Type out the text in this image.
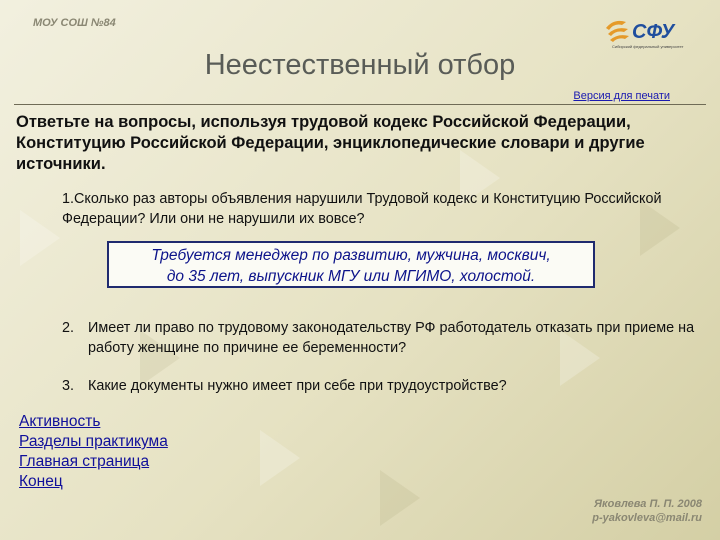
МОУ СОШ №84	СФУ
Сибирский федеральный университет
Неестественный отбор
Версия для печати
Ответьте на вопросы, используя трудовой кодекс Российской Федерации, Конституцию Российской Федерации, энциклопедические словари и другие источники.
1.Сколько раз авторы объявления нарушили Трудовой кодекс и Конституцию Российской Федерации? Или они не нарушили их вовсе?
Требуется менеджер по развитию, мужчина, москвич,
до 35 лет, выпускник МГУ или МГИМО, холостой.
2. Имеет ли право по трудовому законодательству РФ работодатель отказать при приеме на работу женщине по причине ее беременности?
3. Какие документы нужно имеет при себе при трудоустройстве?
Активность
Разделы практикума
Главная страница
Конец
Яковлева П. П. 2008
p-yakovleva@mail.ru
